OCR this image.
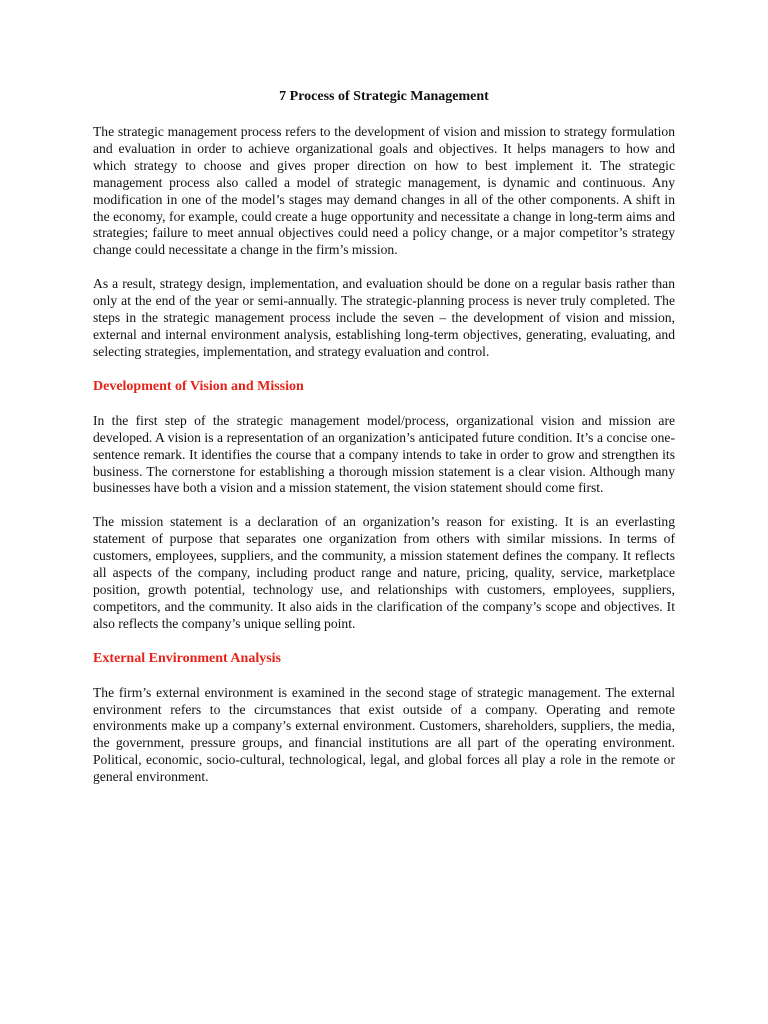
7 Process of Strategic Management

The strategic management process refers to the development of vision and mission to strategy formulation and evaluation in order to achieve organizational goals and objectives. It helps managers to how and which strategy to choose and gives proper direction on how to best implement it. The strategic management process also called a model of strategic management, is dynamic and continuous. Any modification in one of the model’s stages may demand changes in all of the other components. A shift in the economy, for example, could create a huge opportunity and necessitate a change in long-term aims and strategies; failure to meet annual objectives could need a policy change, or a major competitor’s strategy change could necessitate a change in the firm’s mission.

As a result, strategy design, implementation, and evaluation should be done on a regular basis rather than only at the end of the year or semi-annually. The strategic-planning process is never truly completed. The steps in the strategic management process include the seven – the development of vision and mission, external and internal environment analysis, establishing long-term objectives, generating, evaluating, and selecting strategies, implementation, and strategy evaluation and control.

Development of Vision and Mission

In the first step of the strategic management model/process, organizational vision and mission are developed. A vision is a representation of an organization’s anticipated future condition. It’s a concise one-sentence remark. It identifies the course that a company intends to take in order to grow and strengthen its business. The cornerstone for establishing a thorough mission statement is a clear vision. Although many businesses have both a vision and a mission statement, the vision statement should come first.

The mission statement is a declaration of an organization’s reason for existing. It is an everlasting statement of purpose that separates one organization from others with similar missions. In terms of customers, employees, suppliers, and the community, a mission statement defines the company. It reflects all aspects of the company, including product range and nature, pricing, quality, service, marketplace position, growth potential, technology use, and relationships with customers, employees, suppliers, competitors, and the community. It also aids in the clarification of the company’s scope and objectives. It also reflects the company’s unique selling point.

External Environment Analysis

The firm’s external environment is examined in the second stage of strategic management. The external environment refers to the circumstances that exist outside of a company. Operating and remote environments make up a company’s external environment. Customers, shareholders, suppliers, the media, the government, pressure groups, and financial institutions are all part of the operating environment. Political, economic, socio-cultural, technological, legal, and global forces all play a role in the remote or general environment.
